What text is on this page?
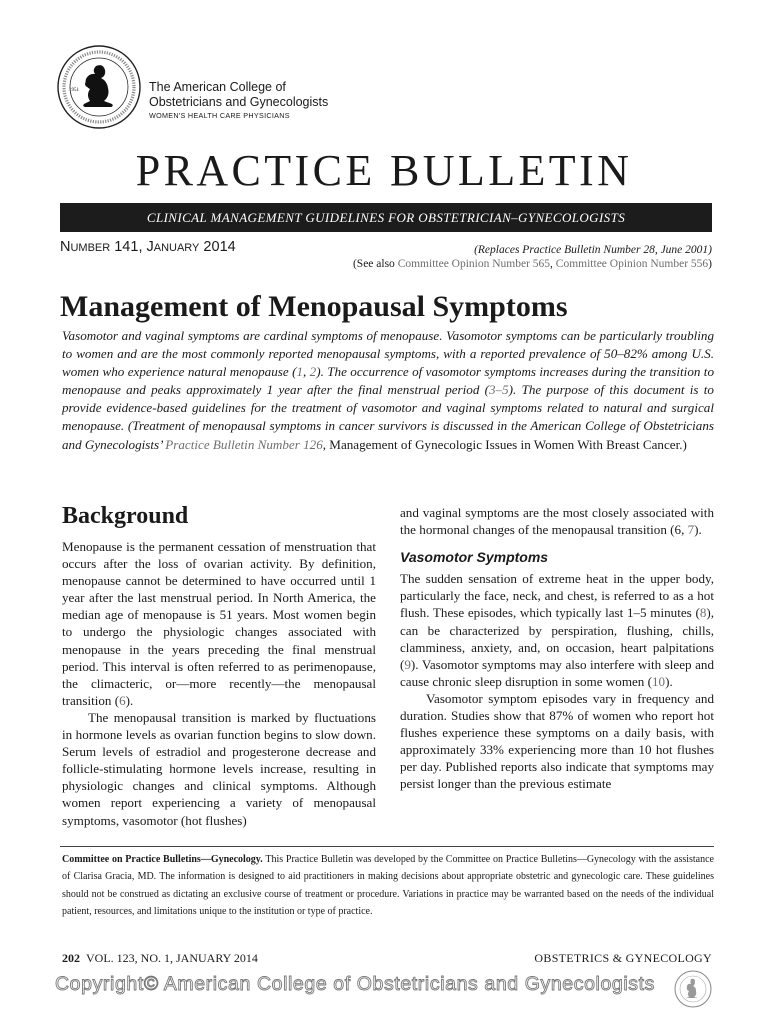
1951	The American College of
Obstetricians and Gynecologists
WOMEN'S HEALTH CARE PHYSICIANS
PRACTICE BULLETIN
CLINICAL MANAGEMENT GUIDELINES FOR OBSTETRICIAN–GYNECOLOGISTS
NUMBER 141, JANUARY 2014	(Replaces Practice Bulletin Number 28, June 2001)
(See also Committee Opinion Number 565, Committee Opinion Number 556)
Management of Menopausal Symptoms
Vasomotor and vaginal symptoms are cardinal symptoms of menopause. Vasomotor symptoms can be particularly troubling to women and are the most commonly reported menopausal symptoms, with a reported prevalence of 50–82% among U.S. women who experience natural menopause (1, 2). The occurrence of vasomotor symptoms increases during the transition to menopause and peaks approximately 1 year after the final menstrual period (3–5). The purpose of this document is to provide evidence-based guidelines for the treatment of vasomotor and vaginal symptoms related to natural and surgical menopause. (Treatment of menopausal symptoms in cancer survivors is discussed in the American College of Obstetricians and Gynecologists’ Practice Bulletin Number 126, Management of Gynecologic Issues in Women With Breast Cancer.)
Background

Menopause is the permanent cessation of menstruation that occurs after the loss of ovarian activity. By definition, menopause cannot be determined to have occurred until 1 year after the last menstrual period. In North America, the median age of menopause is 51 years. Most women begin to undergo the physiologic changes associated with menopause in the years preceding the final menstrual period. This interval is often referred to as perimenopause, the climacteric, or—more recently—the menopausal transition (6).

The menopausal transition is marked by fluctuations in hormone levels as ovarian function begins to slow down. Serum levels of estradiol and progesterone decrease and follicle-stimulating hormone levels increase, resulting in physiologic changes and clinical symptoms. Although women report experiencing a variety of menopausal symptoms, vasomotor (hot flushes)

and vaginal symptoms are the most closely associated with the hormonal changes of the menopausal transition (6, 7).

Vasomotor Symptoms

The sudden sensation of extreme heat in the upper body, particularly the face, neck, and chest, is referred to as a hot flush. These episodes, which typically last 1–5 minutes (8), can be characterized by perspiration, flushing, chills, clamminess, anxiety, and, on occasion, heart palpitations (9). Vasomotor symptoms may also interfere with sleep and cause chronic sleep disruption in some women (10).

Vasomotor symptom episodes vary in frequency and duration. Studies show that 87% of women who report hot flushes experience these symptoms on a daily basis, with approximately 33% experiencing more than 10 hot flushes per day. Published reports also indicate that symptoms may persist longer than the previous estimate

Committee on Practice Bulletins—Gynecology. This Practice Bulletin was developed by the Committee on Practice Bulletins—Gynecology with the assistance of Clarisa Gracia, MD. The information is designed to aid practitioners in making decisions about appropriate obstetric and gynecologic care. These guidelines should not be construed as dictating an exclusive course of treatment or procedure. Variations in practice may be warranted based on the needs of the individual patient, resources, and limitations unique to the institution or type of practice.
202 VOL. 123, NO. 1, JANUARY 2014	OBSTETRICS & GYNECOLOGY
Copyright© American College of Obstetricians and Gynecologists
